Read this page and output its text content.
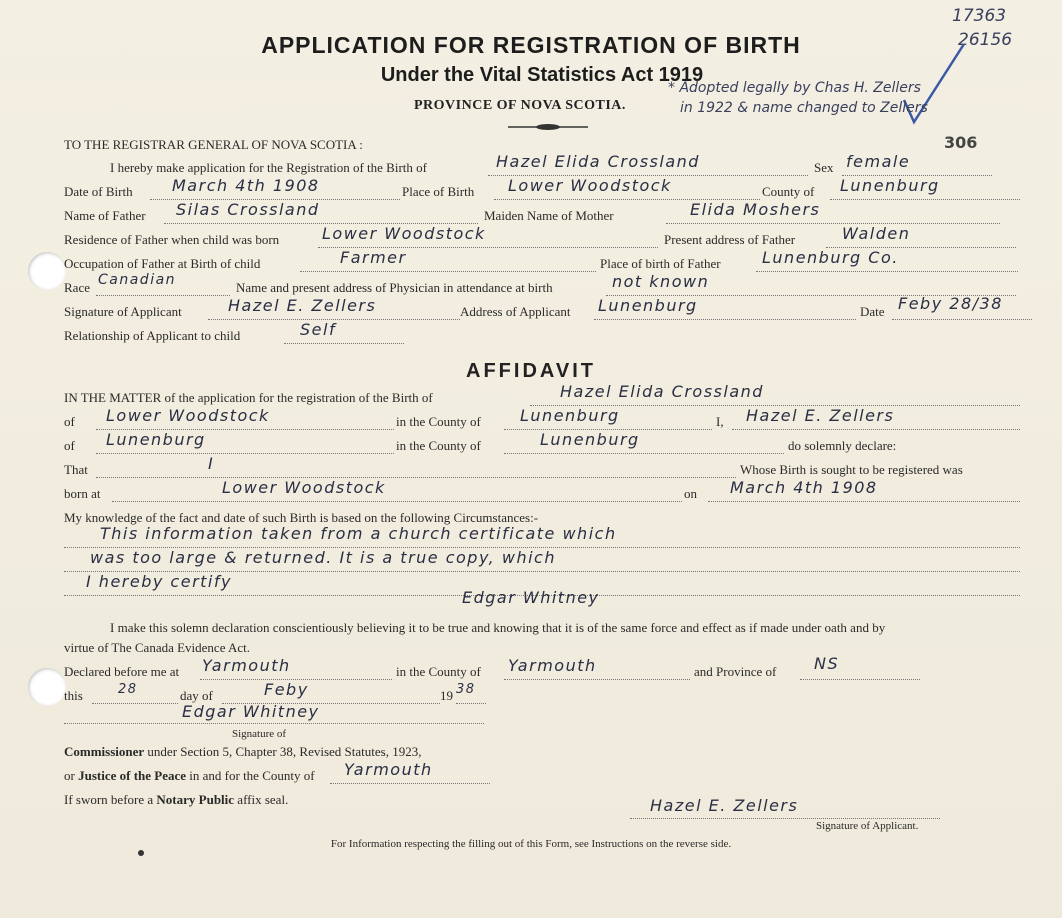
17363
26156
APPLICATION FOR REGISTRATION OF BIRTH
Under the Vital Statistics Act 1919
PROVINCE OF NOVA SCOTIA.
* Adopted legally by Chas H. Zellers
in 1922 & name changed to Zellers
306
TO THE REGISTRAR GENERAL OF NOVA SCOTIA :
I hereby make application for the Registration of the Birth of	Hazel Elida Crossland	Sex female
Date of Birth March 4th 1908	Place of Birth Lower Woodstock	County of Lunenburg
Name of Father Silas Crossland	Maiden Name of Mother	Elida Moshers
Residence of Father when child was born	Lower Woodstock	Present address of Father	Walden
Occupation of Father at Birth of child	Farmer	Place of birth of Father	Lunenburg Co.
Race Canadian	Name and present address of Physician in attendance at birth	not known
Signature of Applicant	Hazel E. Zellers	Address of Applicant Lunenburg	Date Feby 28/38
Relationship of Applicant to child	Self
AFFIDAVIT
IN THE MATTER of the application for the registration of the Birth of	Hazel Elida Crossland
of Lower Woodstock	in the County of Lunenburg	I, Hazel E. Zellers
of Lunenburg	in the County of	Lunenburg	do solemnly declare:
That	I	Whose Birth is sought to be registered was
born at	Lower Woodstock	on March 4th 1908
My knowledge of the fact and date of such Birth is based on the following Circumstances:-
This information taken from a church certificate which
was too large & returned. It is a true copy, which
I hereby certify
Edgar Whitney
I make this solemn declaration conscientiously believing it to be true and knowing that it is of the same force and effect as if made under oath and by
virtue of The Canada Evidence Act.
Declared before me at Yarmouth	in the County of Yarmouth	and Province of NS
this	28	day of	Feby	19 38
Edgar Whitney
Signature of
Commissioner under Section 5, Chapter 38, Revised Statutes, 1923,
or Justice of the Peace in and for the County of Yarmouth
If sworn before a Notary Public affix seal.	Hazel E. Zellers
Signature of Applicant.
For Information respecting the filling out of this Form, see Instructions on the reverse side.
